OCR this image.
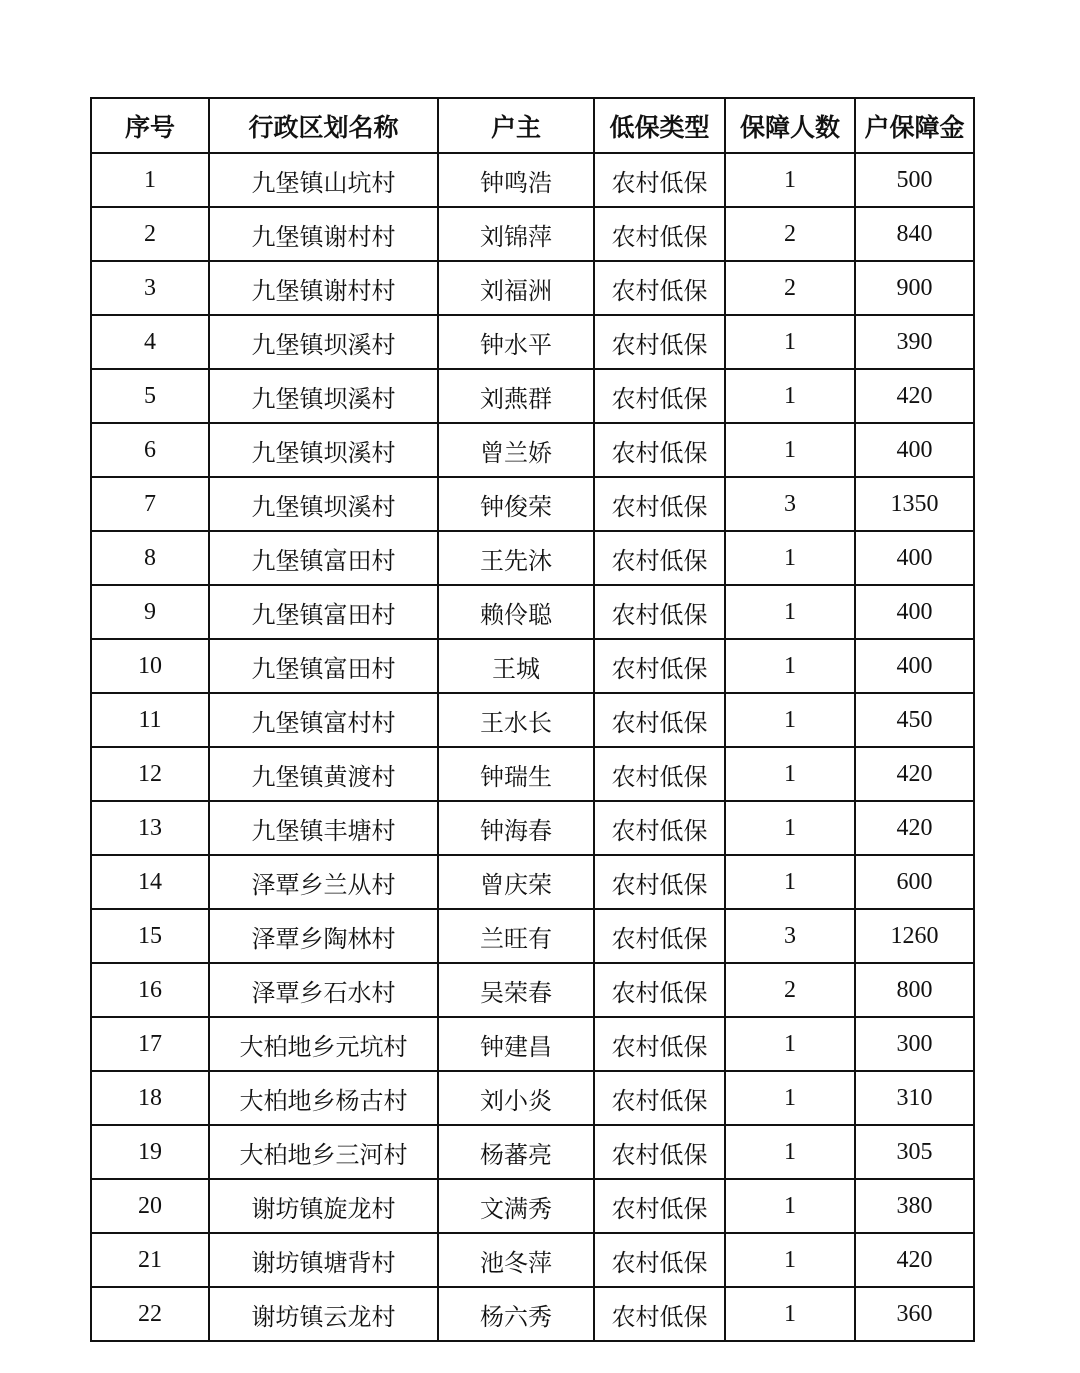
序号	行政区划名称	户主	低保类型	保障人数	户保障金
1	九堡镇山坑村	钟鸣浩	农村低保	1	500
2	九堡镇谢村村	刘锦萍	农村低保	2	840
3	九堡镇谢村村	刘福洲	农村低保	2	900
4	九堡镇坝溪村	钟水平	农村低保	1	390
5	九堡镇坝溪村	刘燕群	农村低保	1	420
6	九堡镇坝溪村	曾兰娇	农村低保	1	400
7	九堡镇坝溪村	钟俊荣	农村低保	3	1350
8	九堡镇富田村	王先沐	农村低保	1	400
9	九堡镇富田村	赖伶聪	农村低保	1	400
10	九堡镇富田村	王城	农村低保	1	400
11	九堡镇富村村	王水长	农村低保	1	450
12	九堡镇黄渡村	钟瑞生	农村低保	1	420
13	九堡镇丰塘村	钟海春	农村低保	1	420
14	泽覃乡兰从村	曾庆荣	农村低保	1	600
15	泽覃乡陶林村	兰旺有	农村低保	3	1260
16	泽覃乡石水村	吴荣春	农村低保	2	800
17	大柏地乡元坑村	钟建昌	农村低保	1	300
18	大柏地乡杨古村	刘小炎	农村低保	1	310
19	大柏地乡三河村	杨蕃亮	农村低保	1	305
20	谢坊镇旋龙村	文满秀	农村低保	1	380
21	谢坊镇塘背村	池冬萍	农村低保	1	420
22	谢坊镇云龙村	杨六秀	农村低保	1	360
